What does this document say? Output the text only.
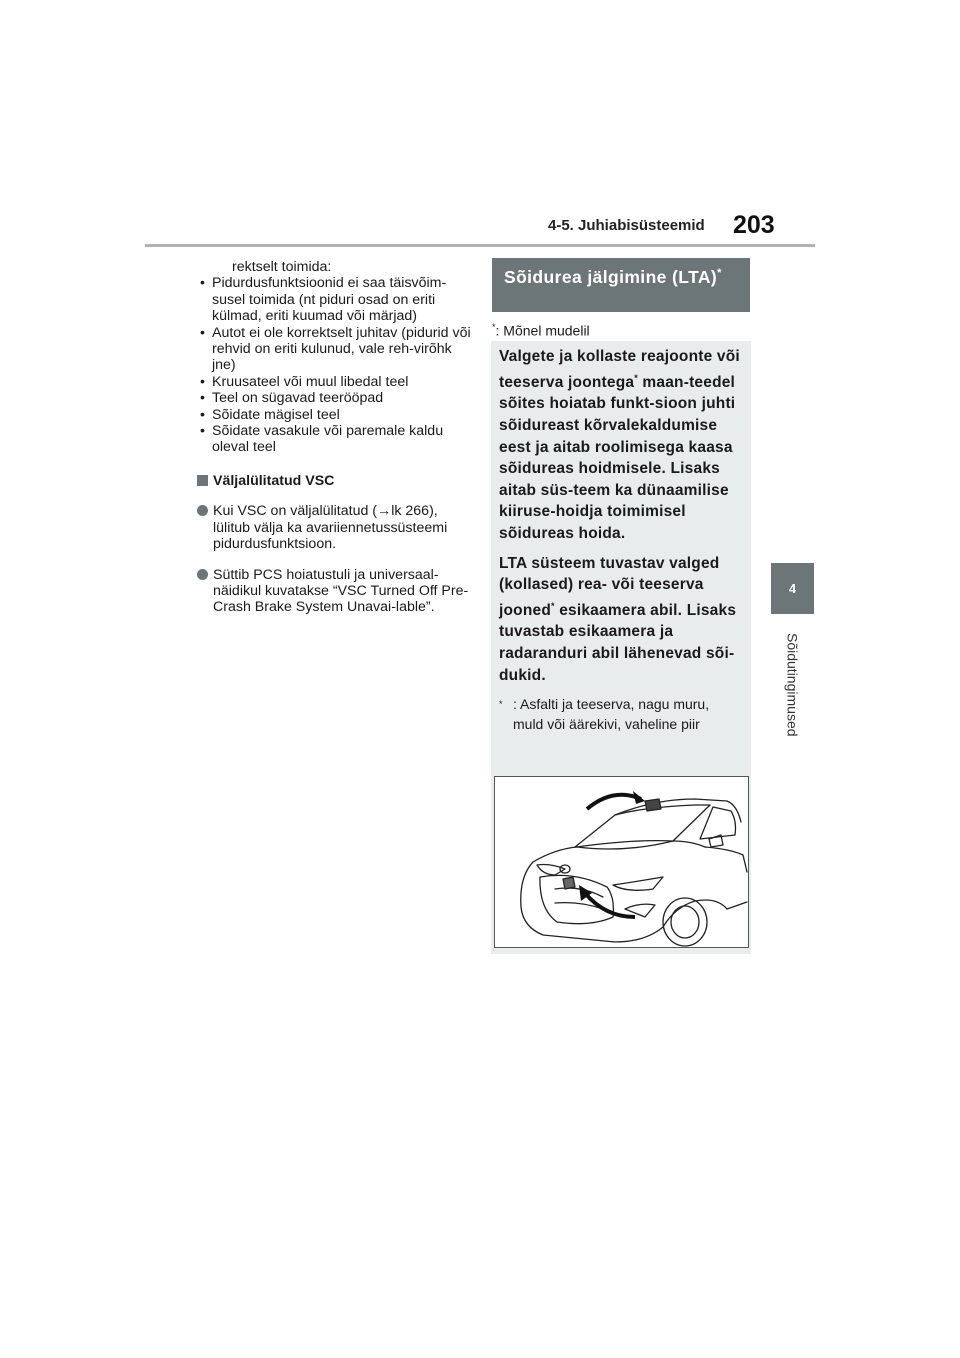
4-5. Juhiabisüsteemid 203
4
Sõidutingimused

rektselt toimida:

• Pidurdusfunktsioonid ei saa täisvõim-susel toimida (nt piduri osad on eriti külmad, eriti kuumad või märjad)
• Autot ei ole korrektselt juhitav (pidurid või rehvid on eriti kulunud, vale reh-virõhk jne)
• Kruusateel või muul libedal teel
• Teel on sügavad teerööpad
• Sõidate mägisel teel
• Sõidate vasakule või paremale kaldu oleval teel
Väljalülitatud VSC
Kui VSC on väljalülitatud (→lk 266), lülitub välja ka avariiennetussüsteemi pidurdusfunktsioon.
Süttib PCS hoiatustuli ja universaal-näidikul kuvatakse “VSC Turned Off Pre-Crash Brake System Unavai-lable”.
Sõidurea jälgimine (LTA)*
*: Mõnel mudelil

Valgete ja kollaste reajoonte või teeserva joontega* maan-teedel sõites hoiatab funkt-sioon juhti sõidureast kõrvalekaldumise eest ja aitab roolimisega kaasa sõidureas hoidmisele. Lisaks aitab süs-teem ka dünaamilise kiiruse-hoidja toimimisel sõidureas hoida.

LTA süsteem tuvastav valged (kollased) rea- või teeserva jooned* esikaamera abil. Lisaks tuvastab esikaamera ja radaranduri abil lähenevad sõi-dukid.

* : Asfalti ja teeserva, nagu muru, muld või äärekivi, vaheline piir
